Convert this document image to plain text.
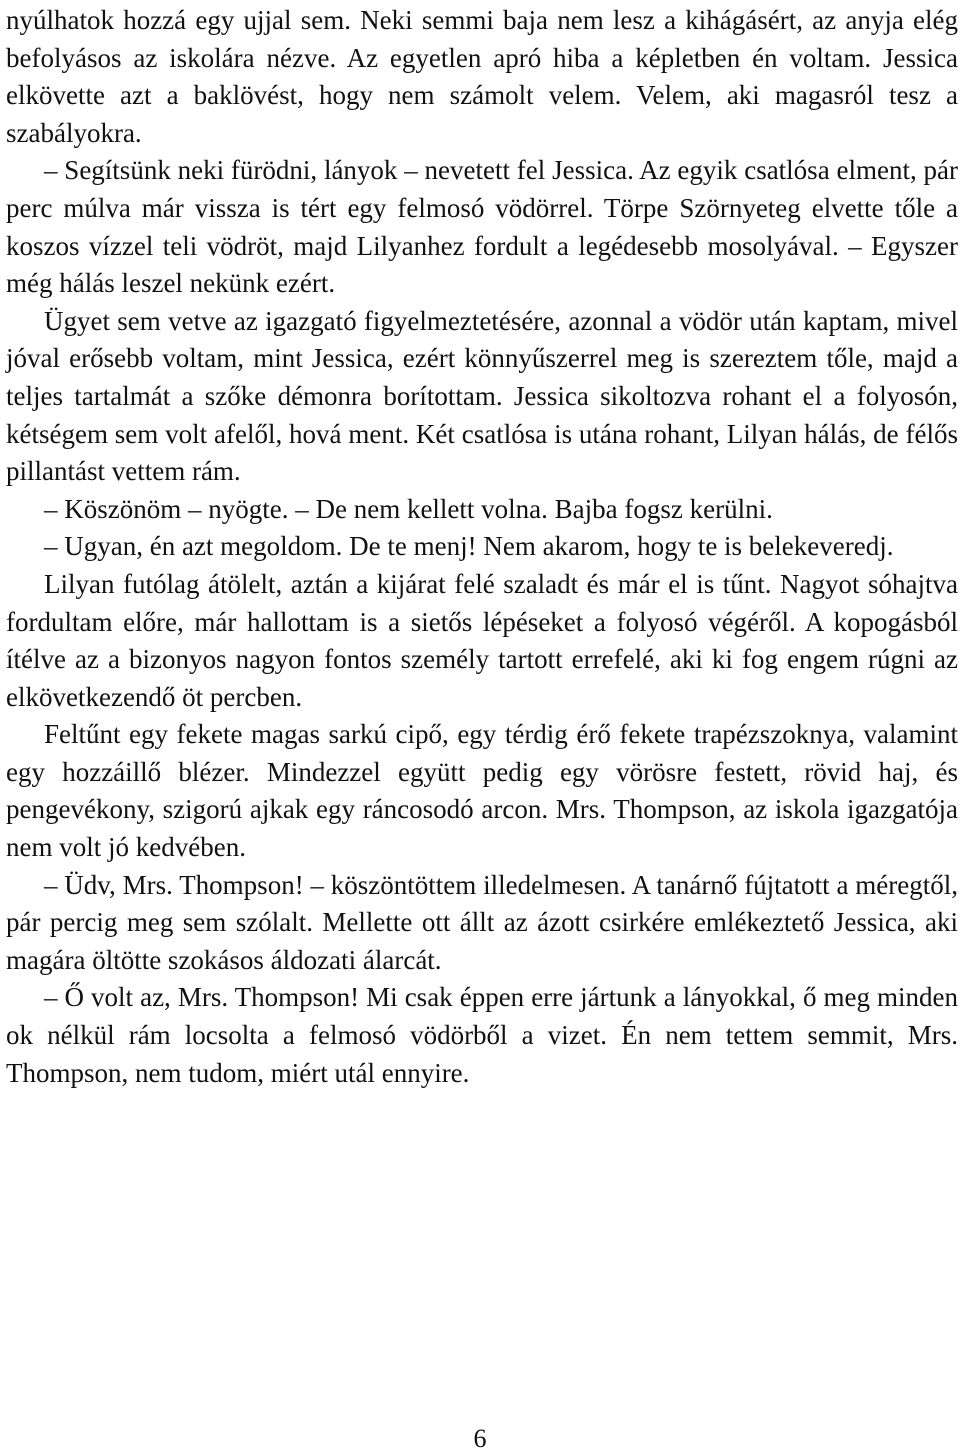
nyúlhatok hozzá egy ujjal sem. Neki semmi baja nem lesz a kihágásért, az anyja elég befolyásos az iskolára nézve. Az egyetlen apró hiba a képletben én voltam. Jessica elkövette azt a baklövést, hogy nem számolt velem. Velem, aki magasról tesz a szabályokra.

– Segítsünk neki fürödni, lányok – nevetett fel Jessica. Az egyik csatlósa elment, pár perc múlva már vissza is tért egy felmosó vödörrel. Törpe Szörnyeteg elvette tőle a koszos vízzel teli vödröt, majd Lilyanhez fordult a legédesebb mosolyával. – Egyszer még hálás leszel nekünk ezért.

Ügyet sem vetve az igazgató figyelmeztetésére, azonnal a vödör után kaptam, mivel jóval erősebb voltam, mint Jessica, ezért könnyűszerrel meg is szereztem tőle, majd a teljes tartalmát a szőke démonra borítottam. Jessica sikoltozva rohant el a folyosón, kétségem sem volt afelől, hová ment. Két csatlósa is utána rohant, Lilyan hálás, de félős pillantást vettem rám.

– Köszönöm – nyögte. – De nem kellett volna. Bajba fogsz kerülni.

– Ugyan, én azt megoldom. De te menj! Nem akarom, hogy te is belekeveredj.

Lilyan futólag átölelt, aztán a kijárat felé szaladt és már el is tűnt. Nagyot sóhajtva fordultam előre, már hallottam is a sietős lépéseket a folyosó végéről. A kopogásból ítélve az a bizonyos nagyon fontos személy tartott errefelé, aki ki fog engem rúgni az elkövetkezendő öt percben.

Feltűnt egy fekete magas sarkú cipő, egy térdig érő fekete trapézszoknya, valamint egy hozzáillő blézer. Mindezzel együtt pedig egy vörösre festett, rövid haj, és pengevékony, szigorú ajkak egy ráncosodó arcon. Mrs. Thompson, az iskola igazgatója nem volt jó kedvében.

– Üdv, Mrs. Thompson! – köszöntöttem illedelmesen. A tanárnő fújtatott a méregtől, pár percig meg sem szólalt. Mellette ott állt az ázott csirkére emlékeztető Jessica, aki magára öltötte szokásos áldozati álarcát.

– Ő volt az, Mrs. Thompson! Mi csak éppen erre jártunk a lányokkal, ő meg minden ok nélkül rám locsolta a felmosó vödörből a vizet. Én nem tettem semmit, Mrs. Thompson, nem tudom, miért utál ennyire.

6
